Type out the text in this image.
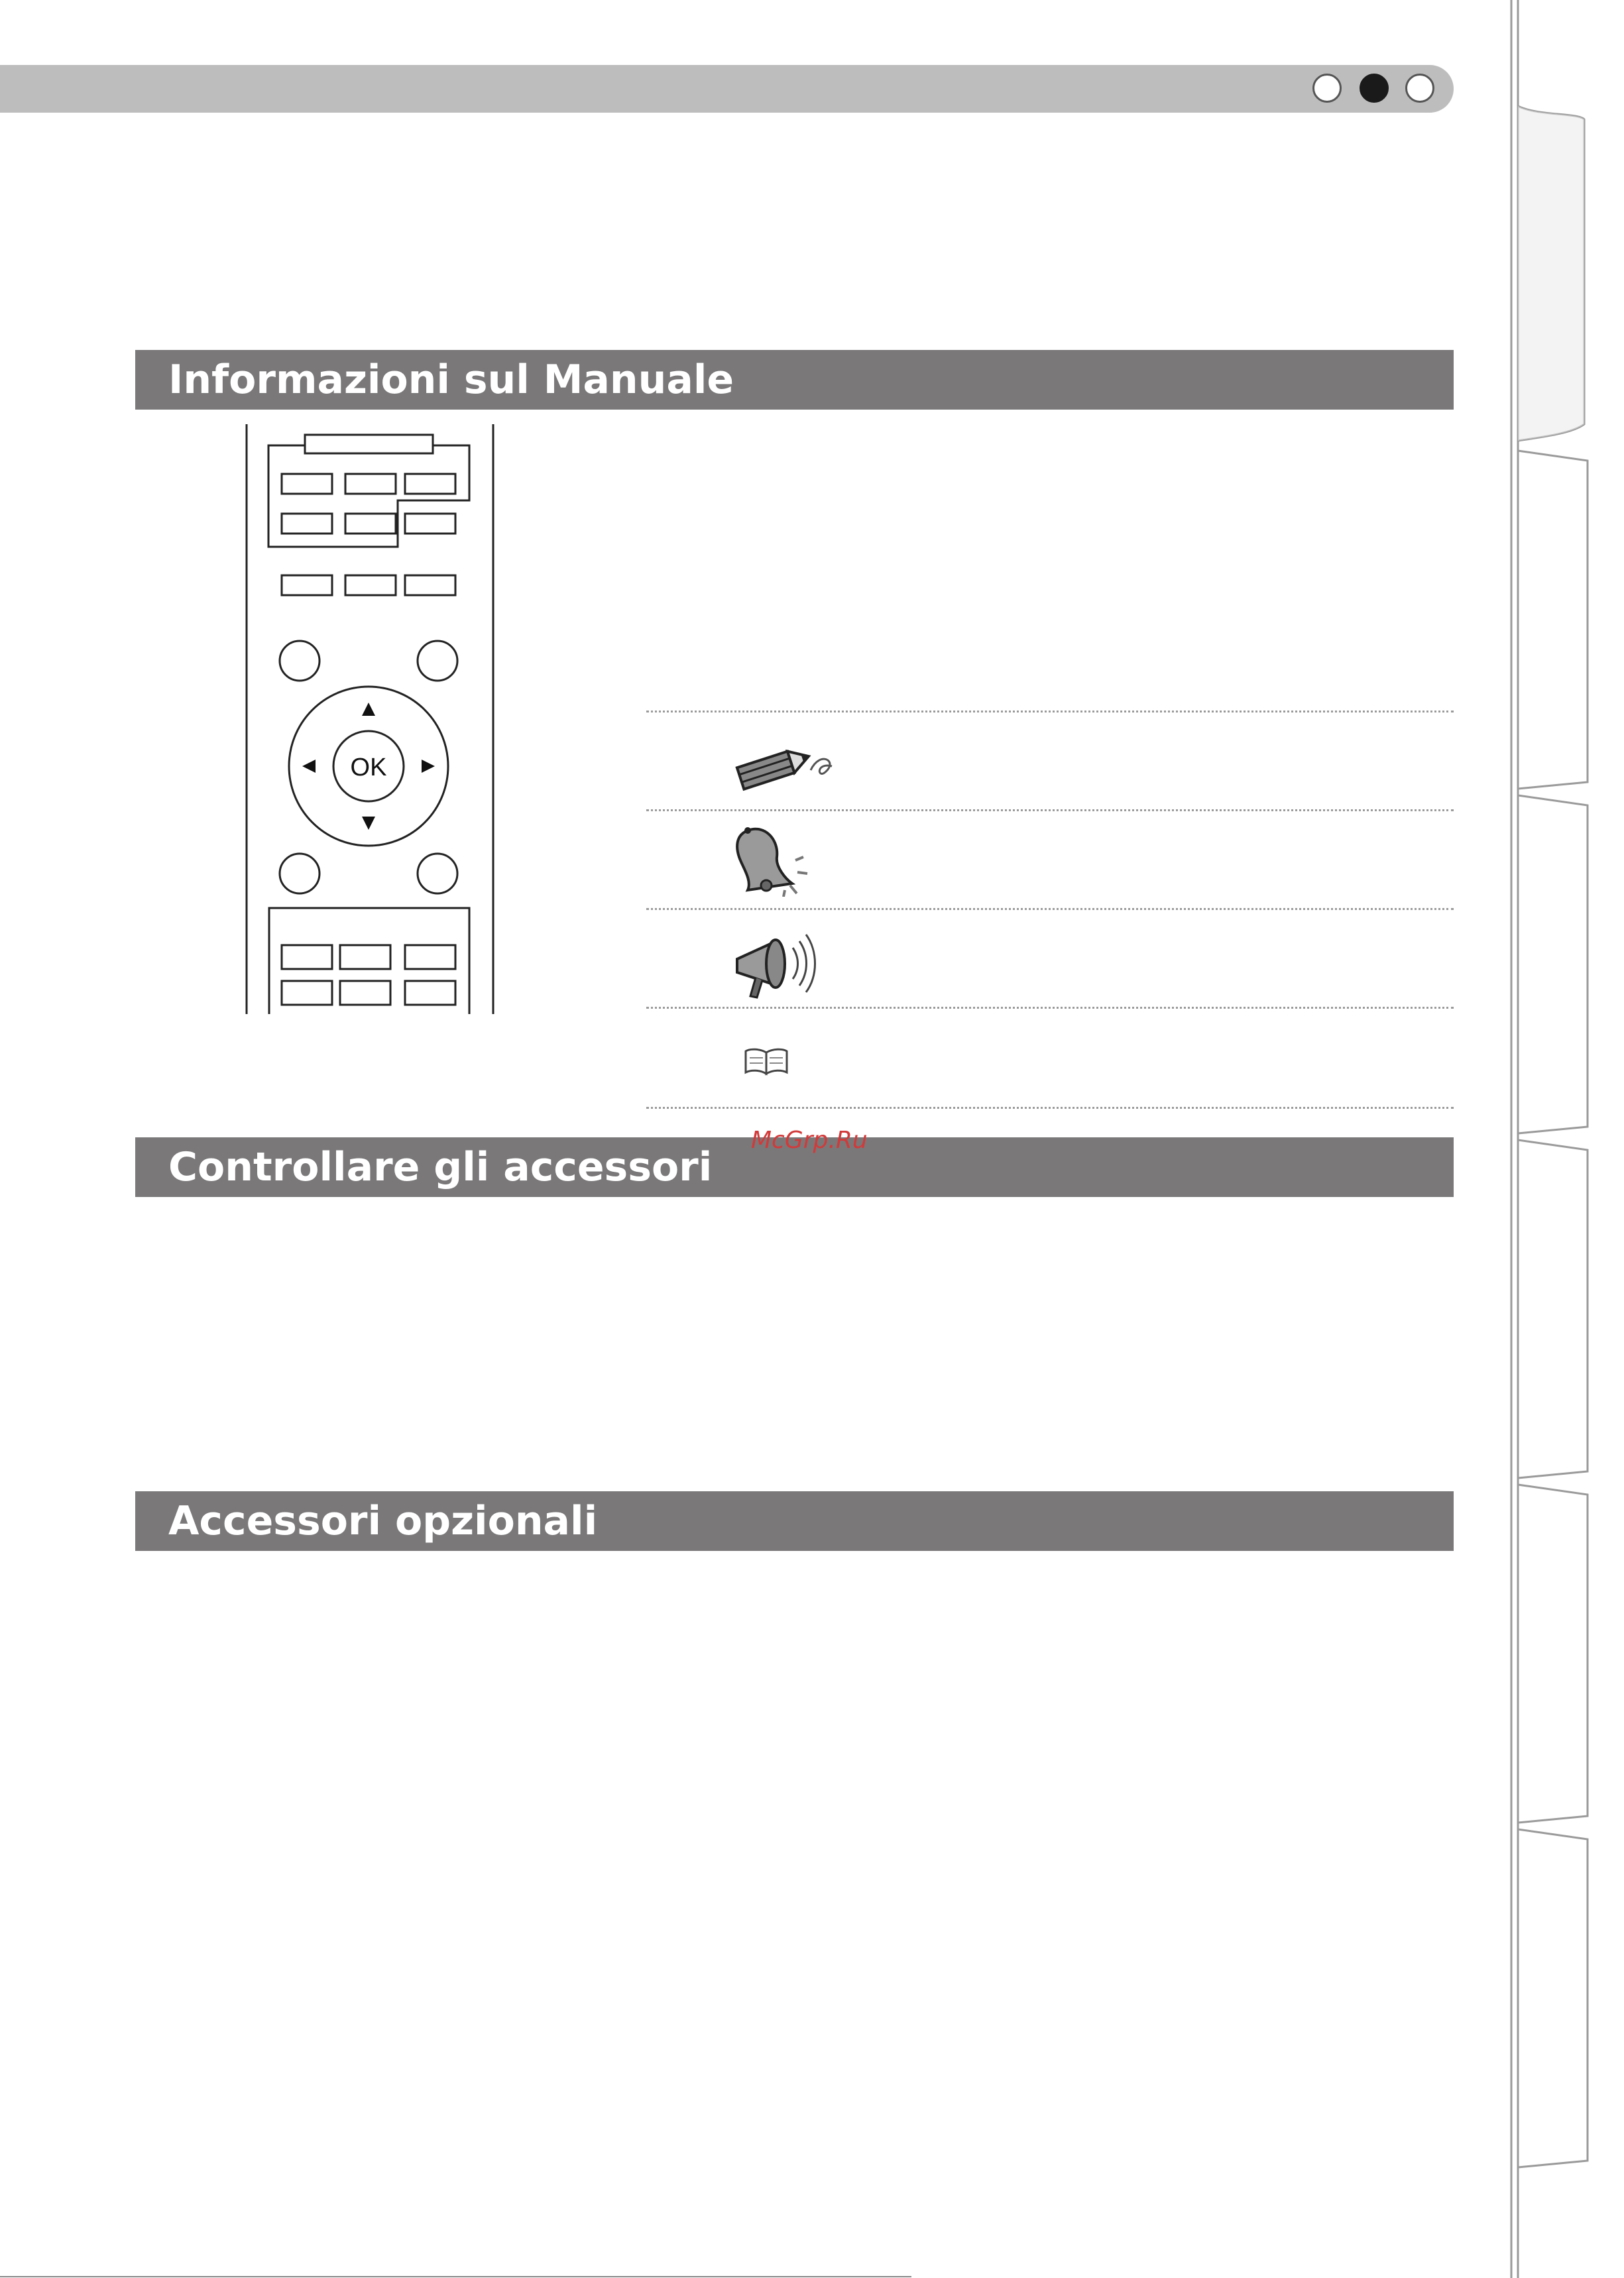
Informazioni sul Manuale
Controllare gli accessori
Accessori opzionali
OK
McGrp.Ru
